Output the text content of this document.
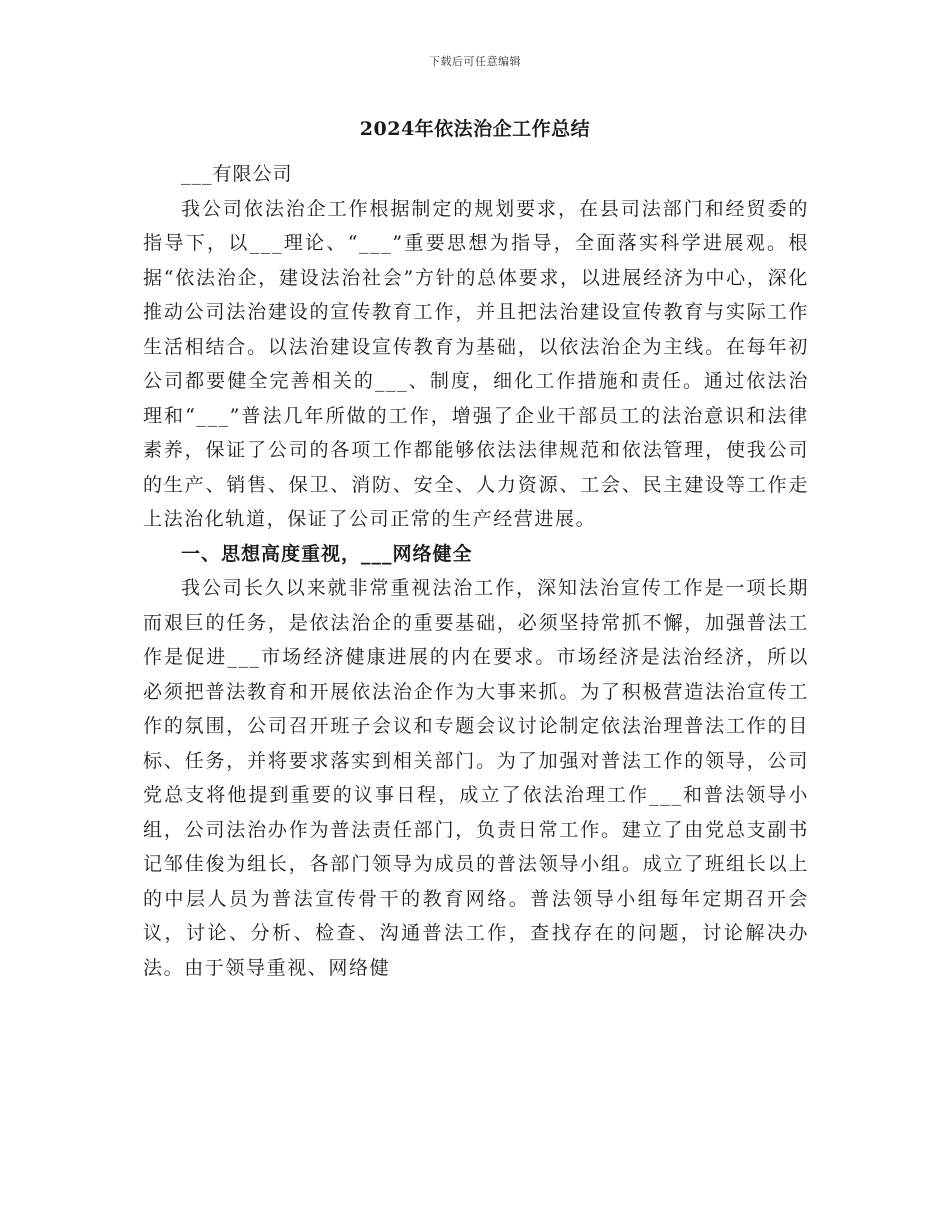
下载后可任意编辑
2024年依法治企工作总结

___有限公司

我公司依法治企工作根据制定的规划要求，在县司法部门和经贸委的指导下，以___理论、“___”重要思想为指导，全面落实科学进展观。根据“依法治企，建设法治社会”方针的总体要求，以进展经济为中心，深化推动公司法治建设的宣传教育工作，并且把法治建设宣传教育与实际工作生活相结合。以法治建设宣传教育为基础，以依法治企为主线。在每年初公司都要健全完善相关的___、制度，细化工作措施和责任。通过依法治理和“___”普法几年所做的工作，增强了企业干部员工的法治意识和法律素养，保证了公司的各项工作都能够依法法律规范和依法管理，使我公司的生产、销售、保卫、消防、安全、人力资源、工会、民主建设等工作走上法治化轨道，保证了公司正常的生产经营进展。

一、思想高度重视，___网络健全

我公司长久以来就非常重视法治工作，深知法治宣传工作是一项长期而艰巨的任务，是依法治企的重要基础，必须坚持常抓不懈，加强普法工作是促进___市场经济健康进展的内在要求。市场经济是法治经济，所以必须把普法教育和开展依法治企作为大事来抓。为了积极营造法治宣传工作的氛围，公司召开班子会议和专题会议讨论制定依法治理普法工作的目标、任务，并将要求落实到相关部门。为了加强对普法工作的领导，公司党总支将他提到重要的议事日程，成立了依法治理工作___和普法领导小组，公司法治办作为普法责任部门，负责日常工作。建立了由党总支副书记邹佳俊为组长，各部门领导为成员的普法领导小组。成立了班组长以上的中层人员为普法宣传骨干的教育网络。普法领导小组每年定期召开会议，讨论、分析、检查、沟通普法工作，查找存在的问题，讨论解决办法。由于领导重视、网络健
